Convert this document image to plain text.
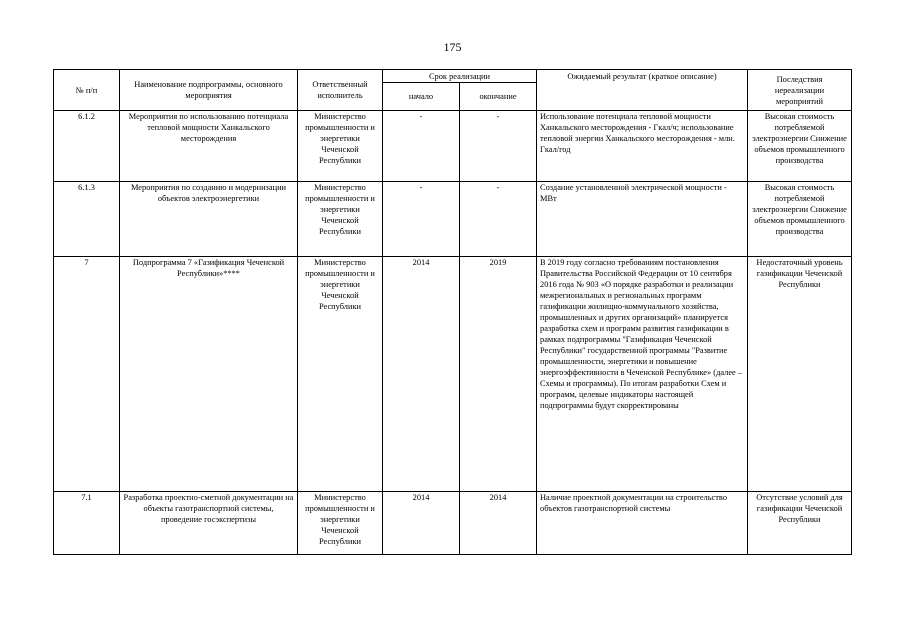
175
№ п/п	Наименование подпрограммы, основного мероприятия	Ответственный исполнитель	Срок реализации		Ожидаемый результат (краткое описание)	Последствия нереализации мероприятий
			начало	окончание		
6.1.2	Мероприятия по использованию потенциала тепловой мощности Ханкальского месторождения	Министерство промышленности и энергетики Чеченской Республики	-	-	Использование потенциала тепловой мощности Ханкальского месторождения - Гкал/ч; использование тепловой энергии Ханкальского месторождения - млн. Гкал/год	Высокая стоимость потребляемой электроэнергии Снижение объемов промышленного производства
6.1.3	Мероприятия по созданию и модернизации объектов электроэнергетики	Министерство промышленности и энергетики Чеченской Республики	-	-	Создание установленной электрической мощности - МВт	Высокая стоимость потребляемой электроэнергии Снижение объемов промышленного производства
7	Подпрограмма 7 «Газификация Чеченской Республики»****	Министерство промышленности и энергетики Чеченской Республики	2014	2019	В 2019 году согласно требованиям постановления Правительства Российской Федерации от 10 сентября 2016 года № 903 «О порядке разработки и реализации межрегиональных и региональных программ газификации жилищно-коммунального хозяйства, промышленных и других организаций» планируется разработка схем и программ развития газификации в рамках подпрограммы "Газификация Чеченской Республики" государственной программы "Развитие промышленности, энергетики и повышение энергоэффективности в Чеченской Республике» (далее – Схемы и программы). По итогам разработки Схем и программ, целевые индикаторы настоящей подпрограммы будут скорректированы	Недостаточный уровень газификации Чеченской Республики
7.1	Разработка проектно-сметной документации на объекты газотранспортной системы, проведение госэкспертизы	Министерство промышленности и энергетики Чеченской Республики	2014	2014	Наличие проектной документации на строительство объектов газотранспортной системы	Отсутствие условий для газификации Чеченской Республики
